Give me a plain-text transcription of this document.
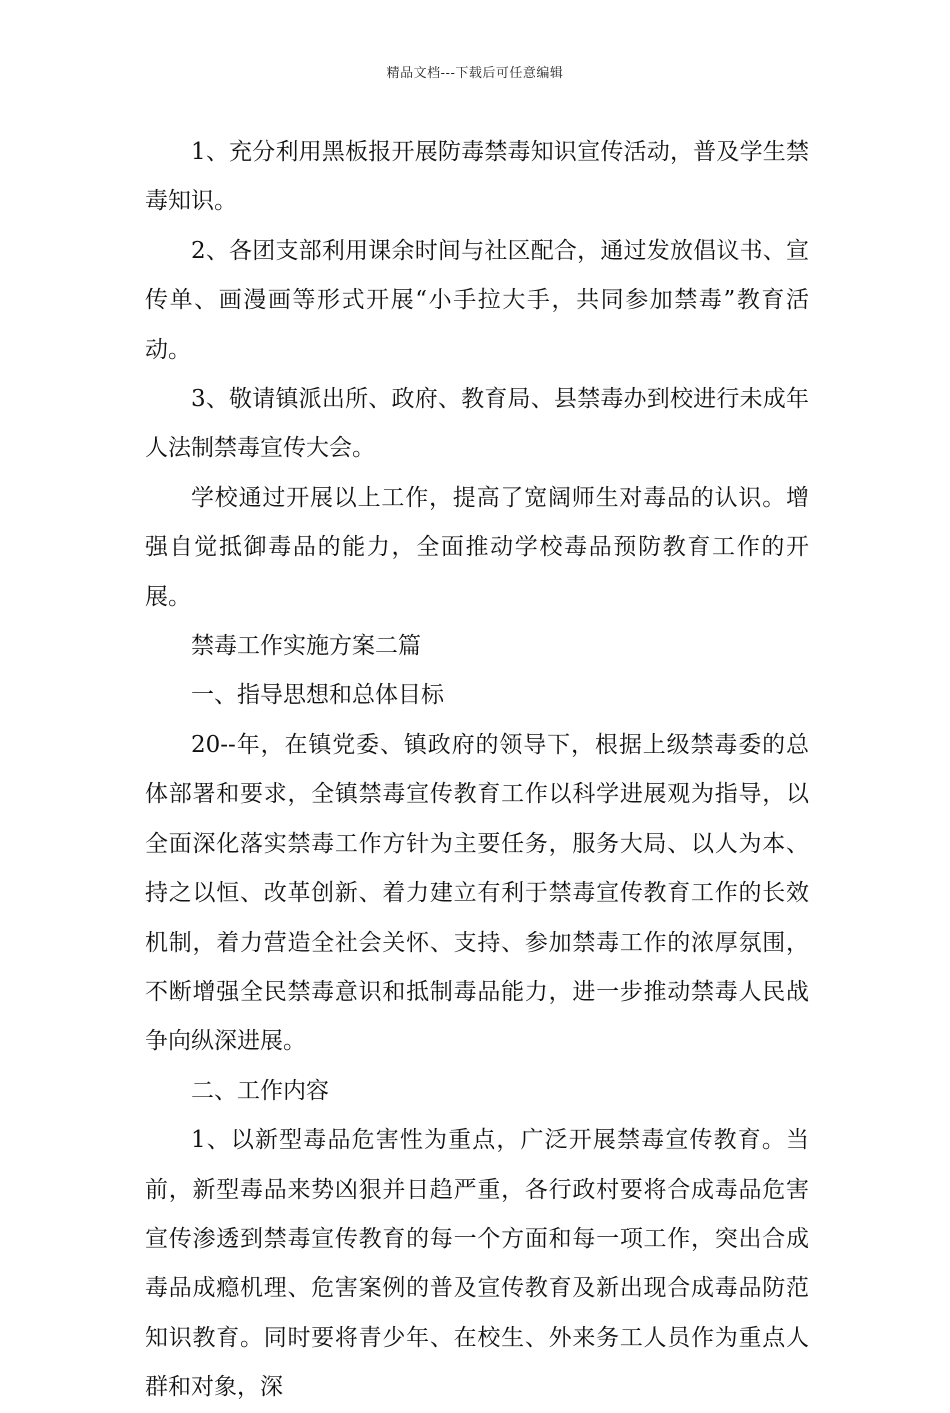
精品文档---下载后可任意编辑

1、充分利用黑板报开展防毒禁毒知识宣传活动，普及学生禁毒知识。

2、各团支部利用课余时间与社区配合，通过发放倡议书、宣传单、画漫画等形式开展“小手拉大手，共同参加禁毒”教育活动。

3、敬请镇派出所、政府、教育局、县禁毒办到校进行未成年人法制禁毒宣传大会。

学校通过开展以上工作，提高了宽阔师生对毒品的认识。增强自觉抵御毒品的能力，全面推动学校毒品预防教育工作的开展。

禁毒工作实施方案二篇

一、指导思想和总体目标

20--年，在镇党委、镇政府的领导下，根据上级禁毒委的总体部署和要求，全镇禁毒宣传教育工作以科学进展观为指导，以全面深化落实禁毒工作方针为主要任务，服务大局、以人为本、持之以恒、改革创新、着力建立有利于禁毒宣传教育工作的长效机制，着力营造全社会关怀、支持、参加禁毒工作的浓厚氛围，不断增强全民禁毒意识和抵制毒品能力，进一步推动禁毒人民战争向纵深进展。

二、工作内容

1、以新型毒品危害性为重点，广泛开展禁毒宣传教育。当前，新型毒品来势凶狠并日趋严重，各行政村要将合成毒品危害宣传渗透到禁毒宣传教育的每一个方面和每一项工作，突出合成毒品成瘾机理、危害案例的普及宣传教育及新出现合成毒品防范知识教育。同时要将青少年、在校生、外来务工人员作为重点人群和对象，深
